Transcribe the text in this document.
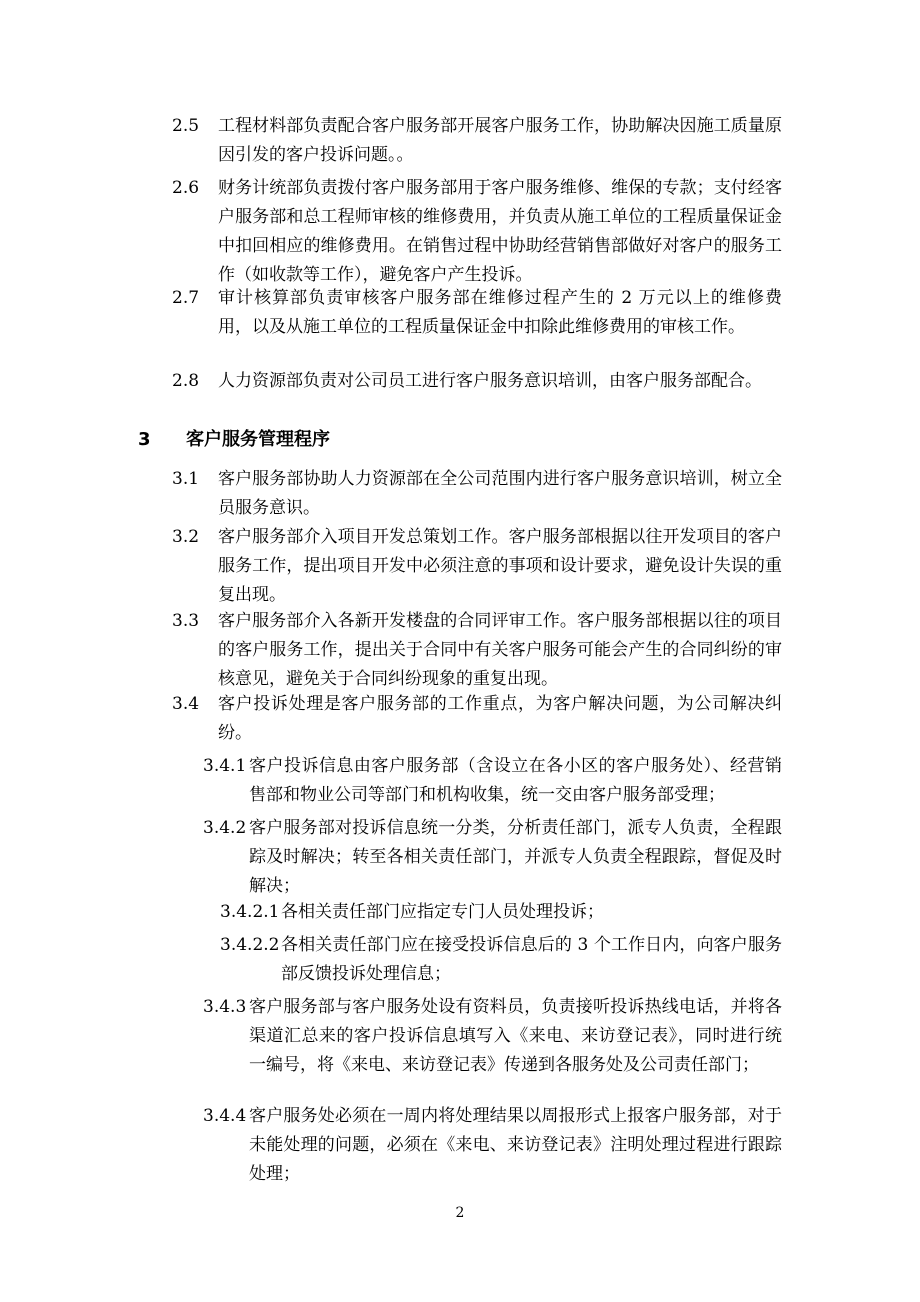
2.5 工程材料部负责配合客户服务部开展客户服务工作，协助解决因施工质量原因引发的客户投诉问题。。
2.6 财务计统部负责拨付客户服务部用于客户服务维修、维保的专款；支付经客户服务部和总工程师审核的维修费用，并负责从施工单位的工程质量保证金中扣回相应的维修费用。在销售过程中协助经营销售部做好对客户的服务工作（如收款等工作），避免客户产生投诉。
2.7 审计核算部负责审核客户服务部在维修过程产生的 2 万元以上的维修费用，以及从施工单位的工程质量保证金中扣除此维修费用的审核工作。
2.8 人力资源部负责对公司员工进行客户服务意识培训，由客户服务部配合。
3 客户服务管理程序
3.1 客户服务部协助人力资源部在全公司范围内进行客户服务意识培训，树立全员服务意识。
3.2 客户服务部介入项目开发总策划工作。客户服务部根据以往开发项目的客户服务工作，提出项目开发中必须注意的事项和设计要求，避免设计失误的重复出现。
3.3 客户服务部介入各新开发楼盘的合同评审工作。客户服务部根据以往的项目的客户服务工作，提出关于合同中有关客户服务可能会产生的合同纠纷的审核意见，避免关于合同纠纷现象的重复出现。
3.4 客户投诉处理是客户服务部的工作重点，为客户解决问题，为公司解决纠纷。
3.4.1 客户投诉信息由客户服务部（含设立在各小区的客户服务处）、经营销售部和物业公司等部门和机构收集，统一交由客户服务部受理；
3.4.2 客户服务部对投诉信息统一分类，分析责任部门，派专人负责，全程跟踪及时解决；转至各相关责任部门，并派专人负责全程跟踪，督促及时解决；
3.4.2.1 各相关责任部门应指定专门人员处理投诉；
3.4.2.2 各相关责任部门应在接受投诉信息后的 3 个工作日内，向客户服务部反馈投诉处理信息；
3.4.3 客户服务部与客户服务处设有资料员，负责接听投诉热线电话，并将各渠道汇总来的客户投诉信息填写入《来电、来访登记表》，同时进行统一编号，将《来电、来访登记表》传递到各服务处及公司责任部门；
3.4.4 客户服务处必须在一周内将处理结果以周报形式上报客户服务部，对于未能处理的问题，必须在《来电、来访登记表》注明处理过程进行跟踪处理；
2
